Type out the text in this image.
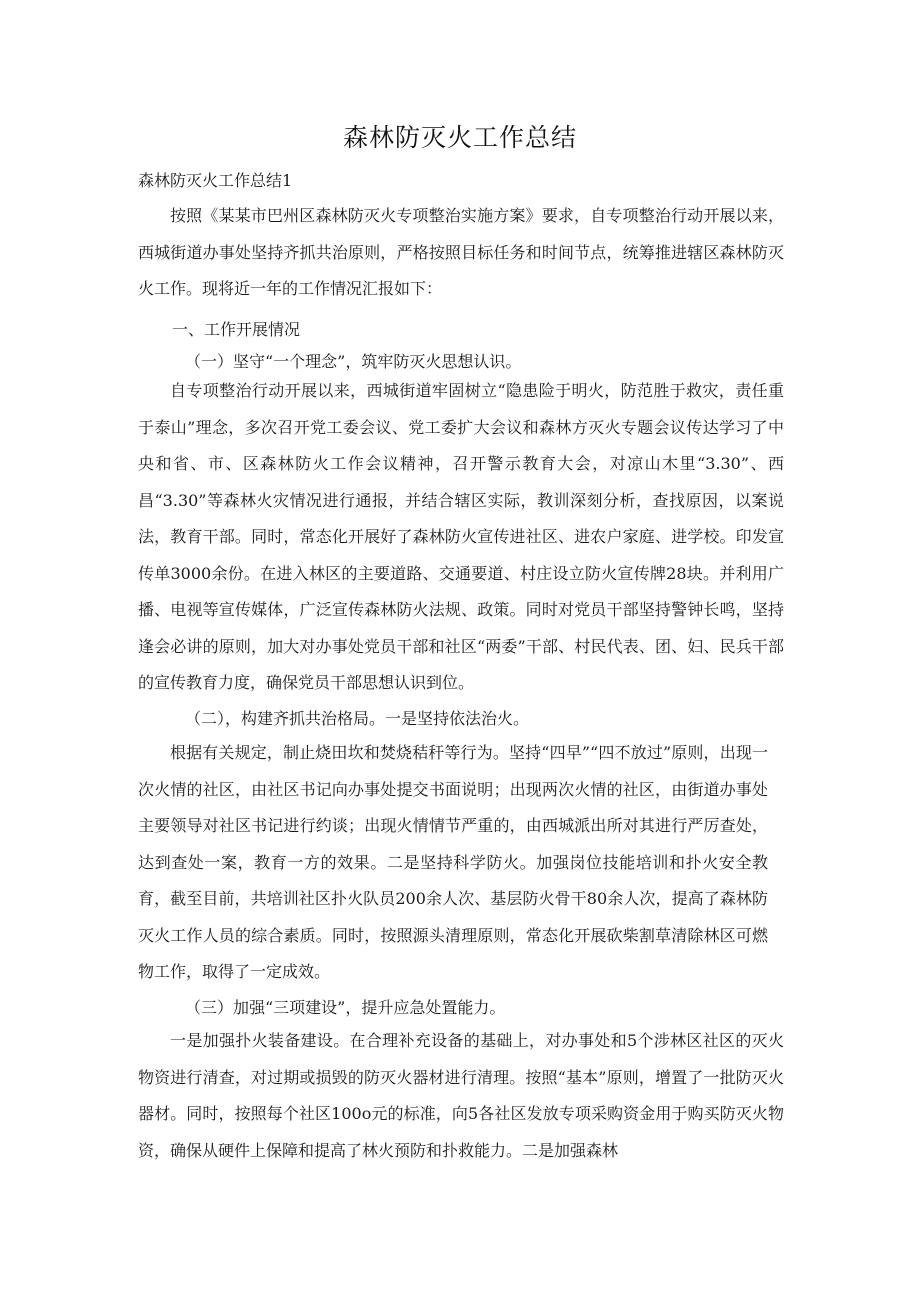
森林防灭火工作总结
森林防灭火工作总结1
按照《某某市巴州区森林防灭火专项整治实施方案》要求，自专项整治行动开展以来，西城街道办事处坚持齐抓共治原则，严格按照目标任务和时间节点，统筹推进辖区森林防灭火工作。现将近一年的工作情况汇报如下：
一、工作开展情况
（一）坚守“一个理念”，筑牢防灭火思想认识。
自专项整治行动开展以来，西城街道牢固树立“隐患险于明火，防范胜于救灾，责任重于泰山”理念，多次召开党工委会议、党工委扩大会议和森林方灭火专题会议传达学习了中央和省、市、区森林防火工作会议精神，召开警示教育大会，对凉山木里“3.30”、西昌“3.30”等森林火灾情况进行通报，并结合辖区实际，教训深刻分析，查找原因，以案说法，教育干部。同时，常态化开展好了森林防火宣传进社区、进农户家庭、进学校。印发宣传单3000余份。在进入林区的主要道路、交通要道、村庄设立防火宣传牌28块。并利用广播、电视等宣传媒体，广泛宣传森林防火法规、政策。同时对党员干部坚持警钟长鸣，坚持逢会必讲的原则，加大对办事处党员干部和社区“两委”干部、村民代表、团、妇、民兵干部的宣传教育力度，确保党员干部思想认识到位。
（二），构建齐抓共治格局。一是坚持依法治火。
根据有关规定，制止烧田坎和焚烧秸秆等行为。坚持“四早”“四不放过”原则，出现一次火情的社区，由社区书记向办事处提交书面说明；出现两次火情的社区，由街道办事处主要领导对社区书记进行约谈；出现火情情节严重的，由西城派出所对其进行严厉查处，达到查处一案，教育一方的效果。二是坚持科学防火。加强岗位技能培训和扑火安全教育，截至目前，共培训社区扑火队员200余人次、基层防火骨干80余人次，提高了森林防灭火工作人员的综合素质。同时，按照源头清理原则，常态化开展砍柴割草清除林区可燃物工作，取得了一定成效。
（三）加强“三项建设”，提升应急处置能力。
一是加强扑火装备建设。在合理补充设备的基础上，对办事处和5个涉林区社区的灭火物资进行清查，对过期或损毁的防灭火器材进行清理。按照“基本”原则，增置了一批防灭火器材。同时，按照每个社区100o元的标准，向5各社区发放专项采购资金用于购买防灭火物资，确保从硬件上保障和提高了林火预防和扑救能力。二是加强森林
